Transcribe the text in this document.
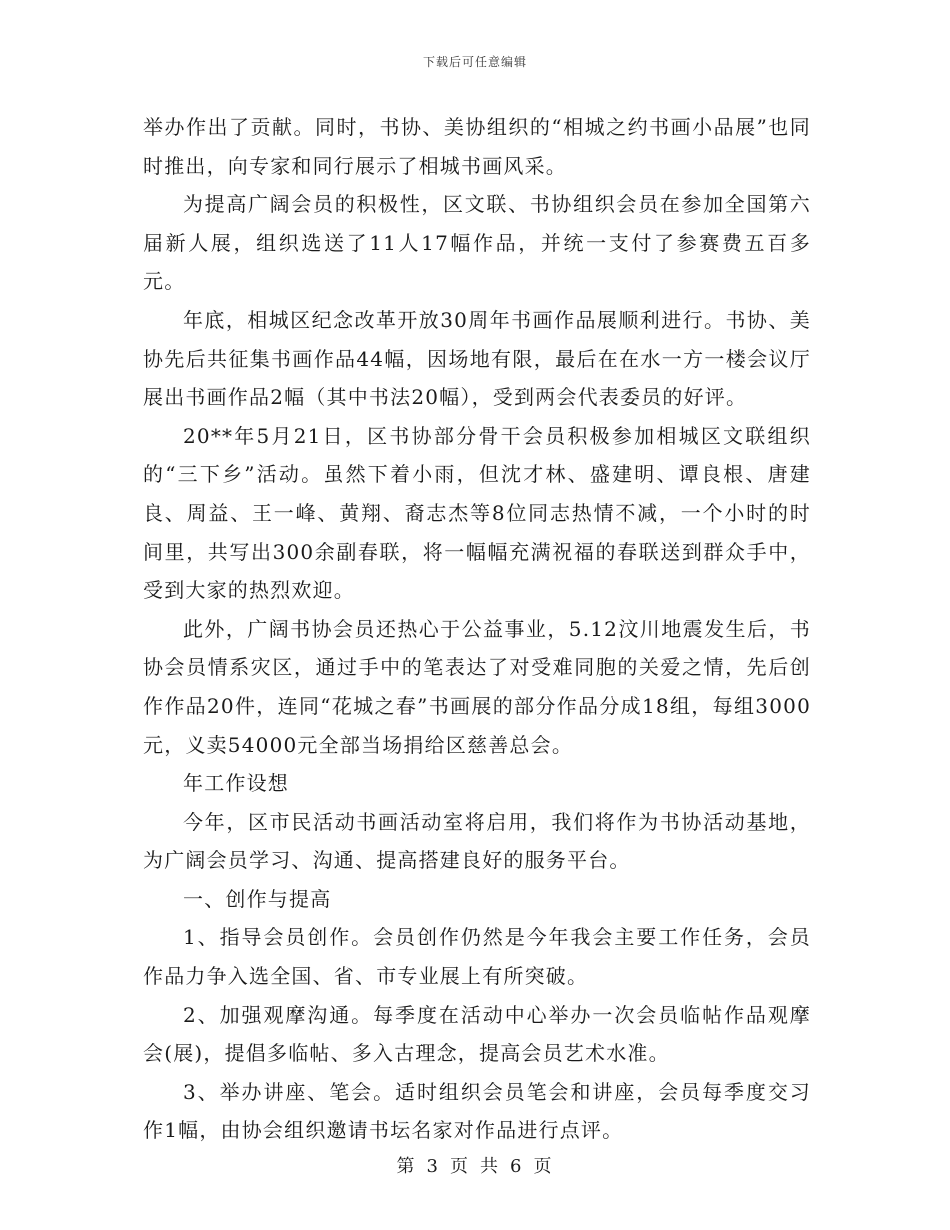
下载后可任意编辑

举办作出了贡献。同时，书协、美协组织的“相城之约书画小品展”也同时推出，向专家和同行展示了相城书画风采。

为提高广阔会员的积极性，区文联、书协组织会员在参加全国第六届新人展，组织选送了11人17幅作品，并统一支付了参赛费五百多元。

年底，相城区纪念改革开放30周年书画作品展顺利进行。书协、美协先后共征集书画作品44幅，因场地有限，最后在在水一方一楼会议厅展出书画作品2幅（其中书法20幅），受到两会代表委员的好评。

20**年5月21日，区书协部分骨干会员积极参加相城区文联组织的“三下乡”活动。虽然下着小雨，但沈才林、盛建明、谭良根、唐建良、周益、王一峰、黄翔、裔志杰等8位同志热情不减，一个小时的时间里，共写出300余副春联，将一幅幅充满祝福的春联送到群众手中，受到大家的热烈欢迎。

此外，广阔书协会员还热心于公益事业，5.12汶川地震发生后，书协会员情系灾区，通过手中的笔表达了对受难同胞的关爱之情，先后创作作品20件，连同“花城之春”书画展的部分作品分成18组，每组3000元，义卖54000元全部当场捐给区慈善总会。

年工作设想

今年，区市民活动书画活动室将启用，我们将作为书协活动基地，为广阔会员学习、沟通、提高搭建良好的服务平台。

一、创作与提高

1、指导会员创作。会员创作仍然是今年我会主要工作任务，会员作品力争入选全国、省、市专业展上有所突破。

2、加强观摩沟通。每季度在活动中心举办一次会员临帖作品观摩会(展)，提倡多临帖、多入古理念，提高会员艺术水准。

3、举办讲座、笔会。适时组织会员笔会和讲座，会员每季度交习作1幅，由协会组织邀请书坛名家对作品进行点评。

第 3 页 共 6 页
